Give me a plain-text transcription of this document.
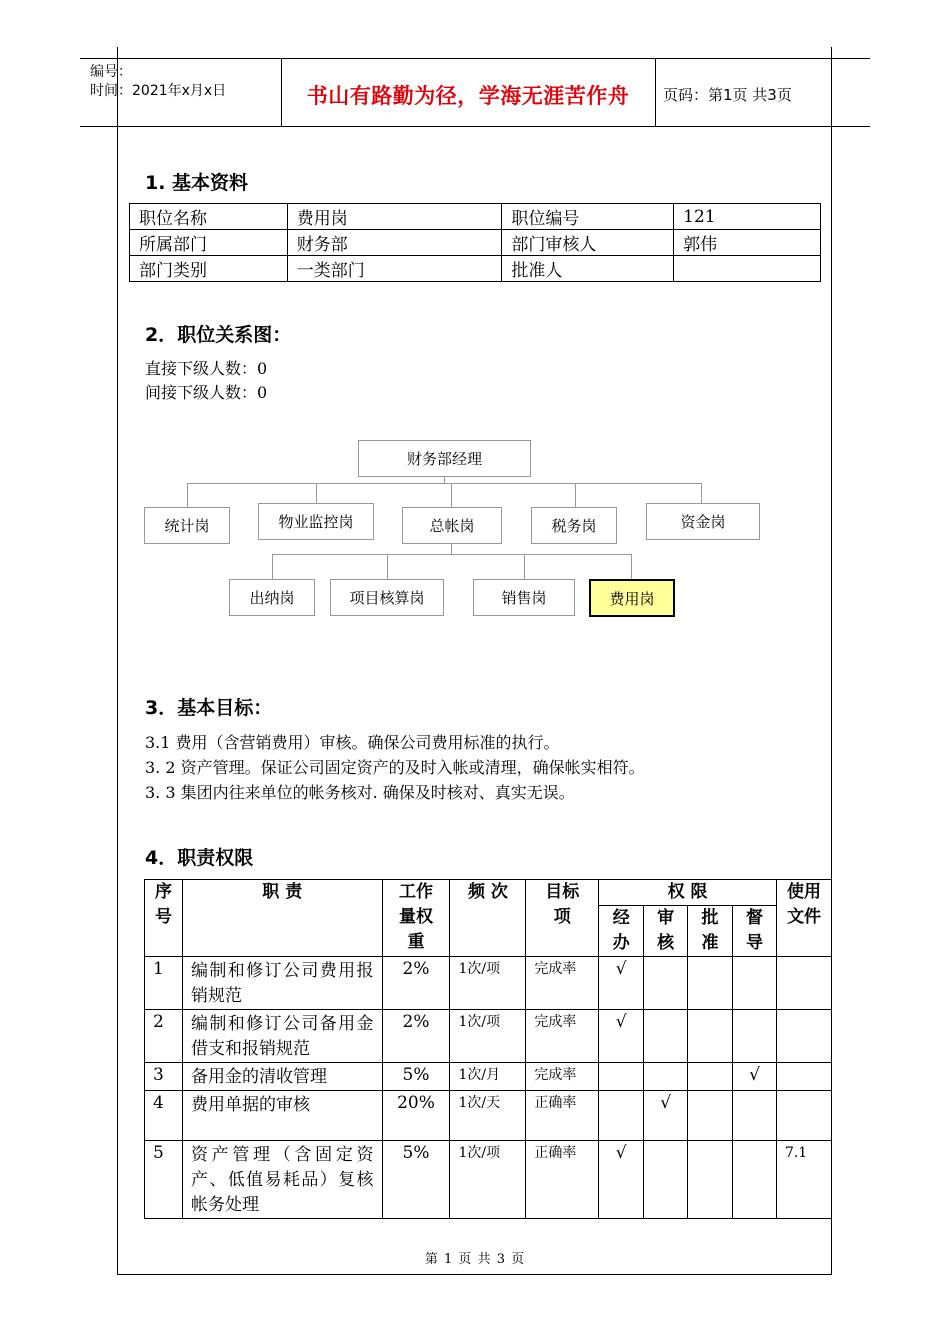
编号：
时间：2021年x月x日	书山有路勤为径，学海无涯苦作舟	页码：第1页 共3页
1. 基本资料
职位名称	费用岗	职位编号	121
所属部门	财务部	部门审核人	郭伟
部门类别	一类部门	批准人	
2．职位关系图：
直接下级人数：0
间接下级人数：0
财务部经理
统计岗	物业监控岗	总帐岗	税务岗	资金岗
出纳岗	项目核算岗	销售岗	费用岗
3．基本目标：
3.1 费用（含营销费用）审核。确保公司费用标准的执行。
3. 2 资产管理。保证公司固定资产的及时入帐或清理，确保帐实相符。
3. 3 集团内往来单位的帐务核对. 确保及时核对、真实无误。
4．职责权限
序号	职 责	工作量权重	频 次	目标项	权 限				使用文件

					经办	审核	批准	督导	

1	编制和修订公司费用报销规范	2%	1次/项	完成率	√				
2	编制和修订公司备用金借支和报销规范	2%	1次/项	完成率	√				
3	备用金的清收管理	5%	1次/月	完成率				√	
4	费用单据的审核	20%	1次/天	正确率		√			
5	资产管理（含固定资产、低值易耗品）复核帐务处理	5%	1次/项	正确率	√				7.1
第 1 页 共 3 页
